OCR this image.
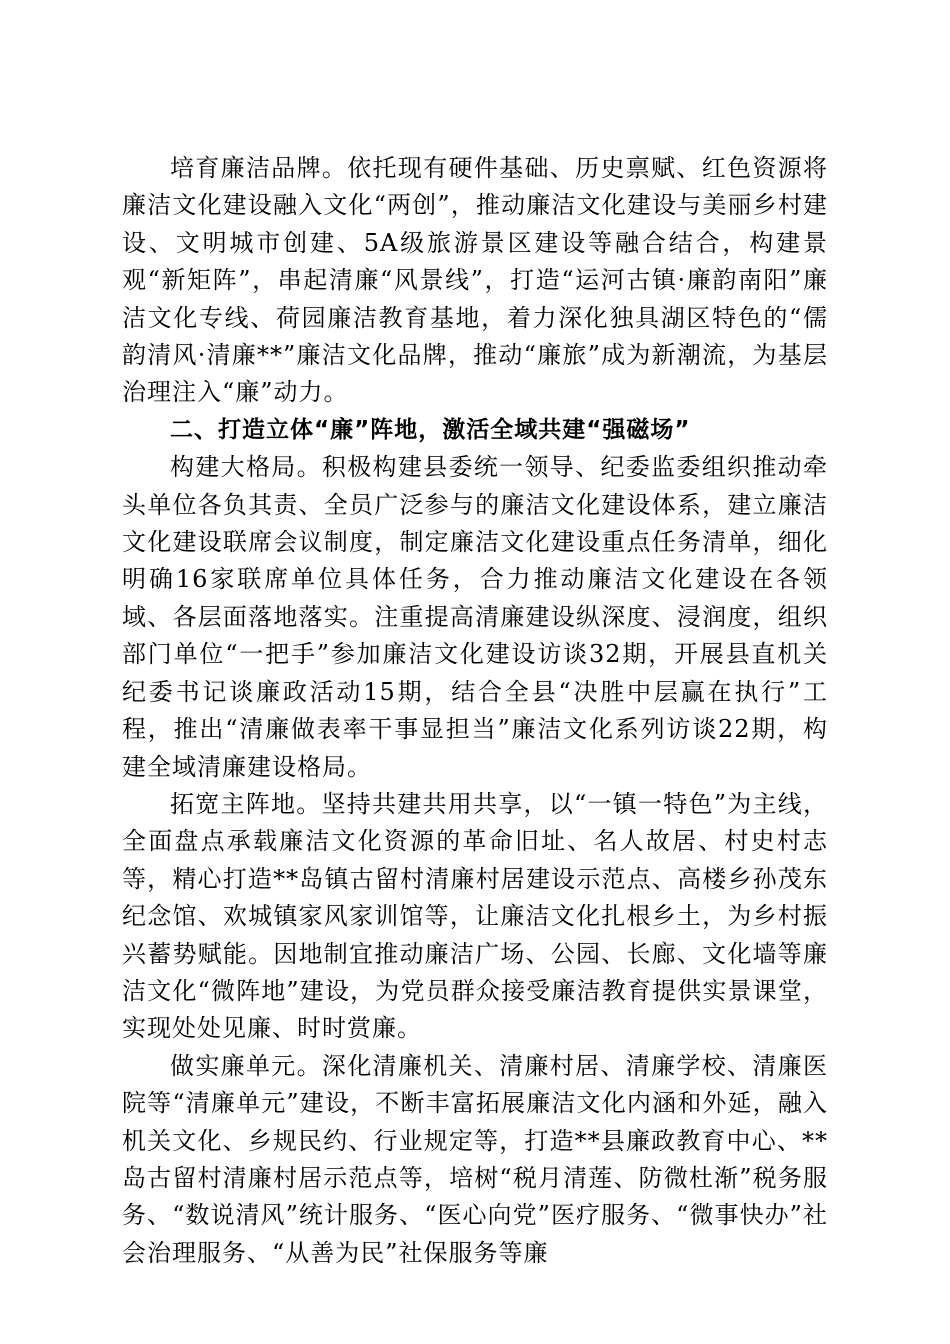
培育廉洁品牌。依托现有硬件基础、历史禀赋、红色资源将廉洁文化建设融入文化“两创”，推动廉洁文化建设与美丽乡村建设、文明城市创建、5A级旅游景区建设等融合结合，构建景观“新矩阵”，串起清廉“风景线”，打造“运河古镇·廉韵南阳”廉洁文化专线、荷园廉洁教育基地，着力深化独具湖区特色的“儒韵清风·清廉**”廉洁文化品牌，推动“廉旅”成为新潮流，为基层治理注入“廉”动力。

二、打造立体“廉”阵地，激活全域共建“强磁场”

构建大格局。积极构建县委统一领导、纪委监委组织推动牵头单位各负其责、全员广泛参与的廉洁文化建设体系，建立廉洁文化建设联席会议制度，制定廉洁文化建设重点任务清单，细化明确16家联席单位具体任务，合力推动廉洁文化建设在各领域、各层面落地落实。注重提高清廉建设纵深度、浸润度，组织部门单位“一把手”参加廉洁文化建设访谈32期，开展县直机关纪委书记谈廉政活动15期，结合全县“决胜中层赢在执行”工程，推出“清廉做表率干事显担当”廉洁文化系列访谈22期，构建全域清廉建设格局。

拓宽主阵地。坚持共建共用共享，以“一镇一特色”为主线，全面盘点承载廉洁文化资源的革命旧址、名人故居、村史村志等，精心打造**岛镇古留村清廉村居建设示范点、高楼乡孙茂东纪念馆、欢城镇家风家训馆等，让廉洁文化扎根乡土，为乡村振兴蓄势赋能。因地制宜推动廉洁广场、公园、长廊、文化墙等廉洁文化“微阵地”建设，为党员群众接受廉洁教育提供实景课堂，实现处处见廉、时时赏廉。

做实廉单元。深化清廉机关、清廉村居、清廉学校、清廉医院等“清廉单元”建设，不断丰富拓展廉洁文化内涵和外延，融入机关文化、乡规民约、行业规定等，打造**县廉政教育中心、**岛古留村清廉村居示范点等，培树“税月清莲、防微杜渐”税务服务、“数说清风”统计服务、“医心向党”医疗服务、“微事快办”社会治理服务、“从善为民”社保服务等廉
